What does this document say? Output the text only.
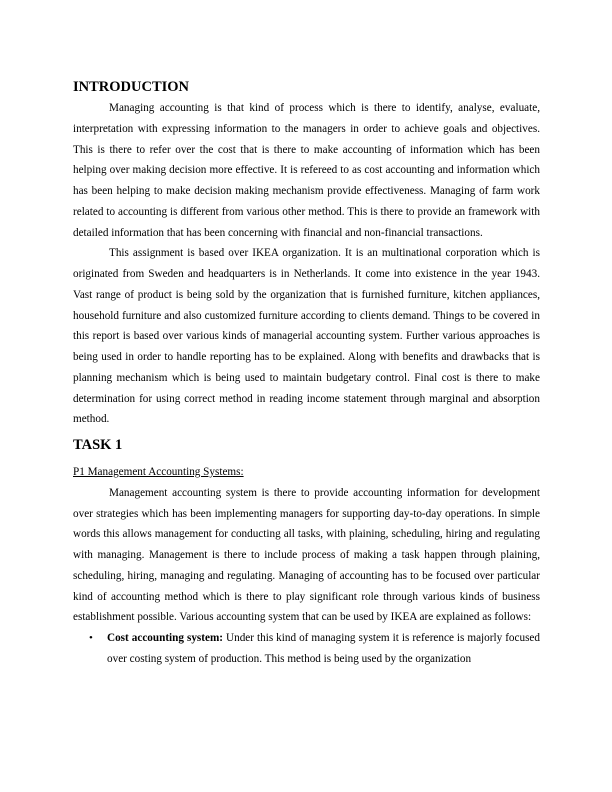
INTRODUCTION

Managing accounting is that kind of process which is there to identify, analyse, evaluate, interpretation with expressing information to the managers in order to achieve goals and objectives. This is there to refer over the cost that is there to make accounting of information which has been helping over making decision more effective. It is refereed to as cost accounting and information which has been helping to make decision making mechanism provide effectiveness. Managing of farm work related to accounting is different from various other method. This is there to provide an framework with detailed information that has been concerning with financial and non-financial transactions.

This assignment is based over IKEA organization. It is an multinational corporation which is originated from Sweden and headquarters is in Netherlands. It come into existence in the year 1943. Vast range of product is being sold by the organization that is furnished furniture, kitchen appliances, household furniture and also customized furniture according to clients demand. Things to be covered in this report is based over various kinds of managerial accounting system. Further various approaches is being used in order to handle reporting has to be explained. Along with benefits and drawbacks that is planning mechanism which is being used to maintain budgetary control. Final cost is there to make determination for using correct method in reading income statement through marginal and absorption method.

TASK 1

P1 Management Accounting Systems:

Management accounting system is there to provide accounting information for development over strategies which has been implementing managers for supporting day-to-day operations. In simple words this allows management for conducting all tasks, with plaining, scheduling, hiring and regulating with managing. Management is there to include process of making a task happen through plaining, scheduling, hiring, managing and regulating. Managing of accounting has to be focused over particular kind of accounting method which is there to play significant role through various kinds of business establishment possible. Various accounting system that can be used by IKEA are explained as follows:

• Cost accounting system: Under this kind of managing system it is reference is majorly focused over costing system of production. This method is being used by the organization
